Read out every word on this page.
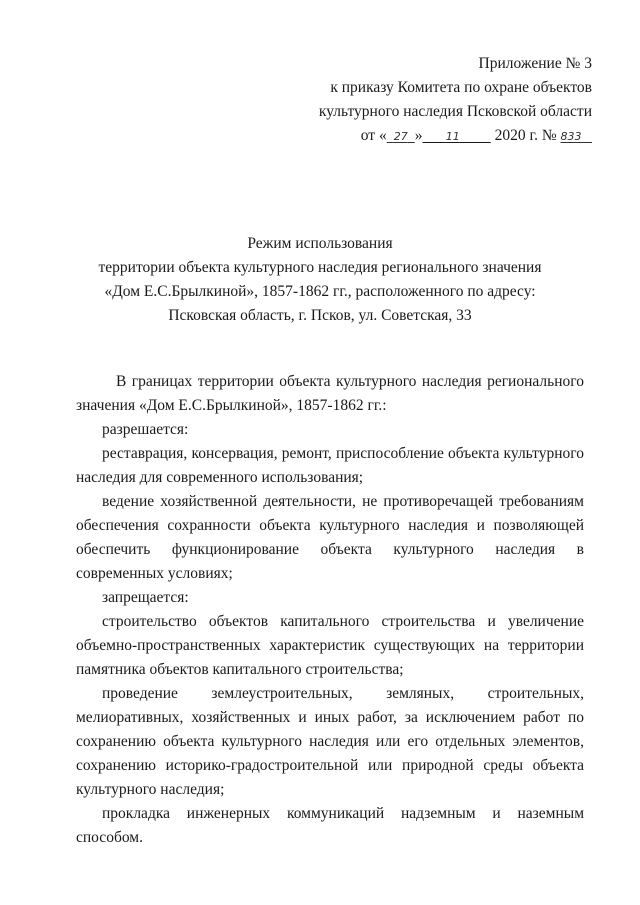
Приложение № 3
к приказу Комитета по охране объектов
культурного наследия Псковской области
от « 27 » 11 2020 г. № 833
Режим использования
территории объекта культурного наследия регионального значения
«Дом Е.С.Брылкиной», 1857-1862 гг., расположенного по адресу:
Псковская область, г. Псков, ул. Советская, 33

В границах территории объекта культурного наследия регионального значения «Дом Е.С.Брылкиной», 1857-1862 гг.:

разрешается:

реставрация, консервация, ремонт, приспособление объекта культурного наследия для современного использования;

ведение хозяйственной деятельности, не противоречащей требованиям обеспечения сохранности объекта культурного наследия и позволяющей обеспечить функционирование объекта культурного наследия в современных условиях;

запрещается:

строительство объектов капитального строительства и увеличение объемно-пространственных характеристик существующих на территории памятника объектов капитального строительства;

проведение землеустроительных, земляных, строительных, мелиоративных, хозяйственных и иных работ, за исключением работ по сохранению объекта культурного наследия или его отдельных элементов, сохранению историко-градостроительной или природной среды объекта культурного наследия;

прокладка инженерных коммуникаций надземным и наземным способом.
